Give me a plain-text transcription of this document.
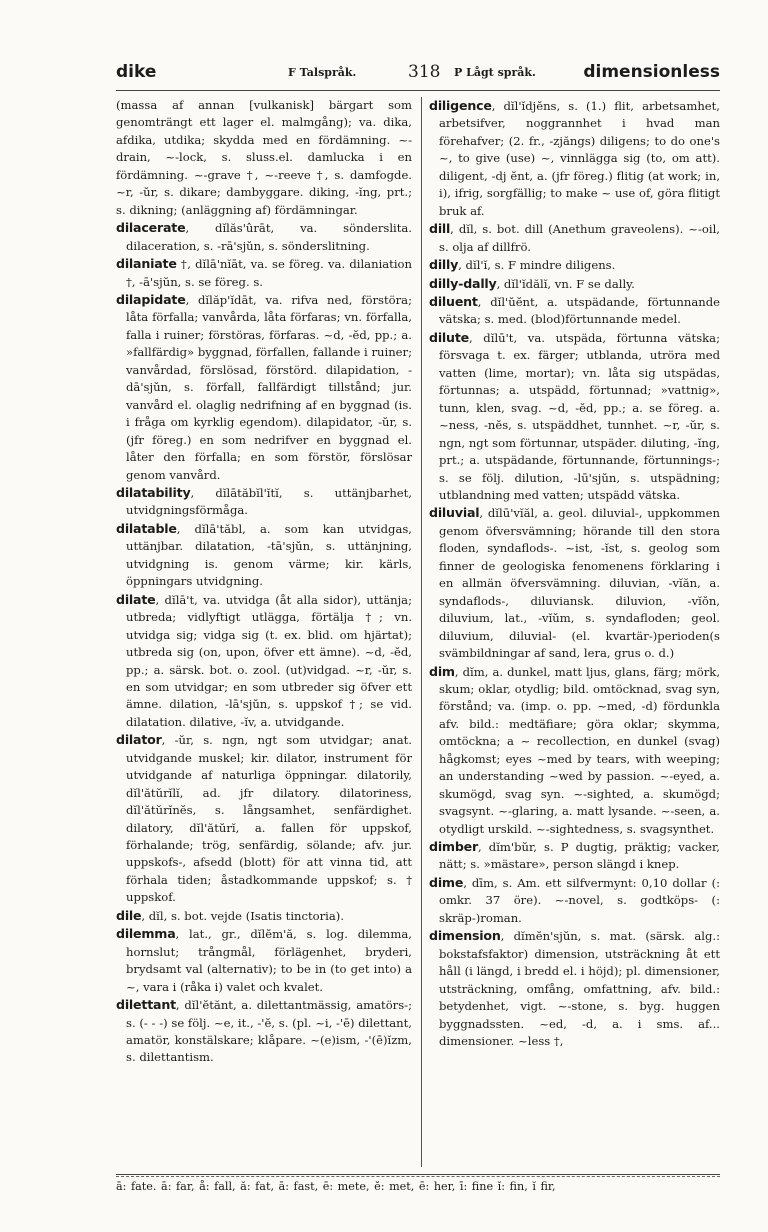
dike	F Talspråk.	318 P Lågt språk.	dimensionless

(massa af annan [vulkanisk] bärgart som genomträngt ett lager el. malmgång); va. dika, afdika, utdika; skydda med en fördämning. ~-drain, ~-lock, s. sluss.el. damlucka i en fördämning. ~-grave †, ~-reeve †, s. damfogde. ~r, -ŭr, s. dikare; dambyggare. diking, -ĭng, prt.; s. dikning; (anläggning af) fördämningar.

dilacerate, dĭlăs'ûrāt, va. sönderslita. dilaceration, s. -rā'sjŭn, s. sönderslitning.

dilaniate †, dĭlā'nĭāt, va. se föreg. va. dilaniation †, -ā'sjŭn, s. se föreg. s.

dilapidate, dĭlăp'ĭdāt, va. rifva ned, förstöra; låta förfalla; vanvårda, låta förfaras; vn. förfalla, falla i ruiner; förstöras, förfaras. ~d, -ĕd, pp.; a. »fallfärdig» byggnad, förfallen, fallande i ruiner; vanvårdad, förslösad, förstörd. dilapidation, -dā'sjŭn, s. förfall, fallfärdigt tillstånd; jur. vanvård el. olaglig nedrifning af en byggnad (is. i fråga om kyrklig egendom). dilapidator, -ŭr, s. (jfr föreg.) en som nedrifver en byggnad el. låter den förfalla; en som förstör, förslösar genom vanvård.

dilatability, dĭlātăbĭl'ĭtĭ, s. uttänjbarhet, utvidgningsförmåga.

dilatable, dĭlā'tăbl, a. som kan utvidgas, uttänjbar. dilatation, -tā'sjŭn, s. uttänjning, utvidgning is. genom värme; kir. kärls, öppningars utvidgning.

dilate, dĭlā't, va. utvidga (åt alla sidor), uttänja; utbreda; vidlyftigt utlägga, förtälja †; vn. utvidga sig; vidga sig (t. ex. blid. om hjärtat); utbreda sig (on, upon, öfver ett ämne). ~d, -ĕd, pp.; a. särsk. bot. o. zool. (ut)vidgad. ~r, -ŭr, s. en som utvidgar; en som utbreder sig öfver ett ämne. dilation, -lā'sjŭn, s. uppskof †; se vid. dilatation. dilative, -ĭv, a. utvidgande.

dilator, -ŭr, s. ngn, ngt som utvidgar; anat. utvidgande muskel; kir. dilator, instrument för utvidgande af naturliga öppningar. dilatorily, dĭl'ătŭrĭlĭ, ad. jfr dilatory. dilatoriness, dĭl'ătŭrĭnĕs, s. långsamhet, senfärdighet. dilatory, dĭl'ătŭrĭ, a. fallen för uppskof, förhalande; trög, senfärdig, sölande; afv. jur. uppskofs-, afsedd (blott) för att vinna tid, att förhala tiden; åstadkommande uppskof; s. † uppskof.

dile, dĭl, s. bot. vejde (Isatis tinctoria).

dilemma, lat., gr., dĭlĕm'ă, s. log. dilemma, hornslut; trångmål, förlägenhet, bryderi, brydsamt val (alternativ); to be in (to get into) a ~, vara i (råka i) valet och kvalet.

dilettant, dĭl'ĕtănt, a. dilettantmässig, amatörs-; s. (- - -) se följ. ~e, it., -'ĕ, s. (pl. ~i, -'ē) dilettant, amatör, konstälskare; klåpare. ~(e)ism, -'(ē)ĭzm, s. dilettantism.

diligence, dĭl'ĭdjĕns, s. (1.) flit, arbetsamhet, arbetsifver, noggrannhet i hvad man förehafver; (2. fr., -zjăngs) diligens; to do one's ~, to give (use) ~, vinnlägga sig (to, om att). diligent, -dj ĕnt, a. (jfr föreg.) flitig (at work; in, i), ifrig, sorgfällig; to make ~ use of, göra flitigt bruk af.

dill, dĭl, s. bot. dill (Anethum graveolens). ~-oil, s. olja af dillfrö.

dilly, dĭl'ĭ, s. F mindre diligens.

dilly-dally, dĭl'ĭdălĭ, vn. F se dally.

diluent, dĭl'ŭĕnt, a. utspädande, förtunnande vätska; s. med. (blod)förtunnande medel.

dilute, dĭlū't, va. utspäda, förtunna vätska; försvaga t. ex. färger; utblanda, utröra med vatten (lime, mortar); vn. låta sig utspädas, förtunnas; a. utspädd, förtunnad; »vattnig», tunn, klen, svag. ~d, -ĕd, pp.; a. se föreg. a. ~ness, -nĕs, s. utspäddhet, tunnhet. ~r, -ŭr, s. ngn, ngt som förtunnar, utspäder. diluting, -ĭng, prt.; a. utspädande, förtunnande, förtunnings-; s. se följ. dilution, -lū'sjŭn, s. utspädning; utblandning med vatten; utspädd vätska.

diluvial, dĭlū'vĭăl, a. geol. diluvial-, uppkommen genom öfversvämning; hörande till den stora floden, syndaflods-. ~ist, -ĭst, s. geolog som finner de geologiska fenomenens förklaring i en allmän öfversvämning. diluvian, -vĭăn, a. syndaflods-, diluviansk. diluvion, -vĭŏn, diluvium, lat., -vĭŭm, s. syndafloden; geol. diluvium, diluvial- (el. kvartär-)perioden(s svämbildningar af sand, lera, grus o. d.)

dim, dĭm, a. dunkel, matt ljus, glans, färg; mörk, skum; oklar, otydlig; bild. omtöcknad, svag syn, förstånd; va. (imp. o. pp. ~med, -d) fördunkla afv. bild.: medtäfiare; göra oklar; skymma, omtöckna; a ~ recollection, en dunkel (svag) hågkomst; eyes ~med by tears, with weeping; an understanding ~wed by passion. ~-eyed, a. skumögd, svag syn. ~-sighted, a. skumögd; svagsynt. ~-glaring, a. matt lysande. ~-seen, a. otydligt urskild. ~-sightedness, s. svagsynthet.

dimber, dĭm'bŭr, s. P dugtig, präktig; vacker, nätt; s. »mästare», person slängd i knep.

dime, dīm, s. Am. ett silfvermynt: 0,10 dollar (: omkr. 37 öre). ~-novel, s. godtköps- (: skräp-)roman.

dimension, dĭmĕn'sjŭn, s. mat. (särsk. alg.: bokstafsfaktor) dimension, utsträckning åt ett håll (i längd, i bredd el. i höjd); pl. dimensioner, utsträckning, omfång, omfattning, afv. bild.: betydenhet, vigt. ~-stone, s. byg. huggen byggnadssten. ~ed, -d, a. i sms. af... dimensioner. ~less †,

ā: fate. ā: far, å: fall, ă: fat, ā: fast, ē: mete, ĕ: met, ē: her, ī: fine ĭ: fin, ĭ fir,
